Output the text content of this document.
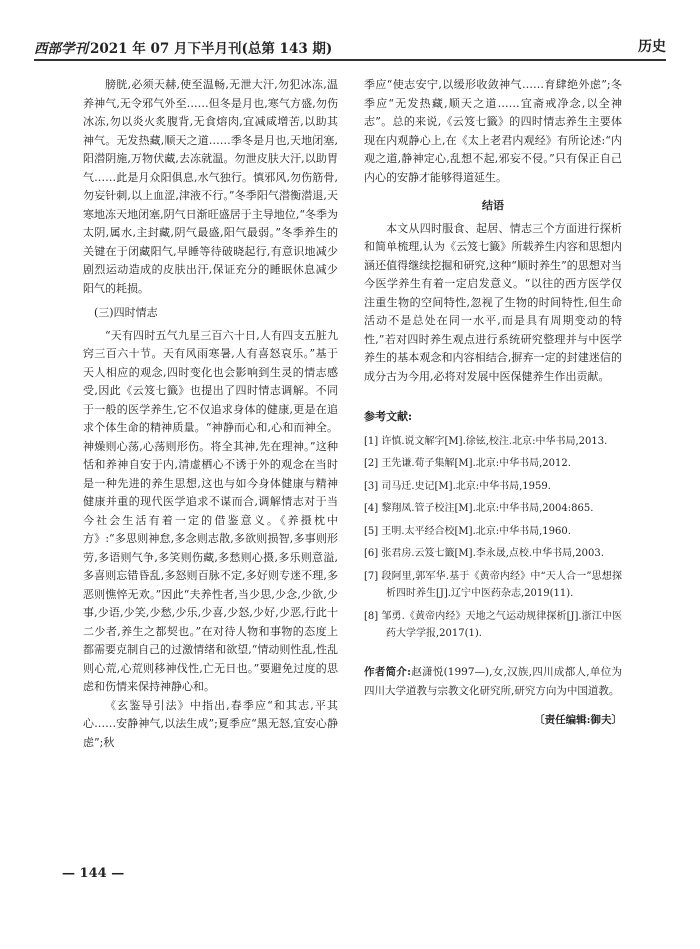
西部学刊 2021 年 07 月下半月刊(总第 143 期)	历史

膀胱,必须天赫,使至温畅,无泄大汗,勿犯冰冻,温养神气,无令邪气外至……但冬是月也,寒气方盛,勿伤冰冻,勿以炎火炙腹背,无食熔肉,宜减咸增苦,以助其神气。无发热藏,顺天之道……季冬是月也,天地闭塞,阳潜阴施,万物伏藏,去冻就温。勿泄皮肤大汗,以助胃气……此是月众阳俱息,水气独行。慎邪风,勿伤筋骨,勿妄针刺,以上血涩,津液不行。”冬季阳气潜衡潜退,天寒地冻天地闭塞,阴气日渐旺盛居于主导地位,“冬季为太阴,属水,主封藏,阴气最盛,阳气最弱。”冬季养生的关键在于闭藏阳气,早睡等待破晓起行,有意识地减少剧烈运动造成的皮肤出汗,保证充分的睡眠休息减少阳气的耗损。

(三)四时情志

“天有四时五气九星三百六十日,人有四支五脏九窍三百六十节。天有风雨寒暑,人有喜怒哀乐。”基于天人相应的观念,四时变化也会影响到生灵的情志感受,因此《云笈七籤》也提出了四时情志调解。不同于一般的医学养生,它不仅追求身体的健康,更是在追求个体生命的精神质量。“神静而心和,心和而神全。神燥则心荡,心荡则形伤。将全其神,先在理神。”这种恬和养神自安于内,清虚栖心不诱于外的观念在当时是一种先进的养生思想,这也与如今身体健康与精神健康并重的现代医学追求不谋而合,调解情志对于当今社会生活有着一定的借鉴意义。《养摄枕中方》:“多思则神怠,多念则志散,多欲则损智,多事则形劳,多语则气争,多笑则伤藏,多愁则心摄,多乐则意溢,多喜则忘错昏乱,多怒则百脉不定,多好则专迷不理,多恶则憔悴无欢。”因此“夫养性者,当少思,少念,少欲,少事,少语,少笑,少愁,少乐,少喜,少怒,少好,少恶,行此十二少者,养生之都契也。”在对待人物和事物的态度上都需要克制自己的过激情绪和欲望,“情动则性乱,性乱则心荒,心荒则移神伐性,亡无日也。”要避免过度的思虑和伤情来保持神静心和。

《玄鉴导引法》中指出,春季应“和其志,平其心……安静神气,以法生成”;夏季应“黑无怒,宜安心静虑”;秋

季应“使志安宁,以缓形收敛神气……育肆绝外虑”;冬季应“无发热藏,顺天之道……宜斋戒净念,以全神志”。总的来说,《云笈七籤》的四时情志养生主要体现在内观静心上,在《太上老君内观经》有所论述:“内观之道,静神定心,乱想不起,邪妄不侵。”只有保正自己内心的安静才能够得道延生。

结语

本文从四时服食、起居、情志三个方面进行探析和简单梳理,认为《云笈七籤》所载养生内容和思想内涵还值得继续挖掘和研究,这种“顺时养生”的思想对当今医学养生有着一定启发意义。“以往的西方医学仅注重生物的空间特性,忽视了生物的时间特性,但生命活动不是总处在同一水平,而是具有周期变动的特性,”若对四时养生观点进行系统研究整理并与中医学养生的基本观念和内容相结合,摒弃一定的封建迷信的成分古为今用,必将对发展中医保健养生作出贡献。

参考文献:

[1] 许慎.说文解字[M].徐铉,校注.北京:中华书局,2013.
[2] 王先谦.荀子集解[M].北京:中华书局,2012.
[3] 司马迁.史记[M].北京:中华书局,1959.
[4] 黎翔凤.管子校注[M].北京:中华书局,2004:865.
[5] 王明.太平经合校[M].北京:中华书局,1960.
[6] 张君房.云笈七籤[M].李永晟,点校.中华书局,2003.
[7] 段阿里,郭军华.基于《黄帝内经》中“天人合一”思想探析四时养生[J].辽宁中医药杂志,2019(11).
[8] 邹勇.《黄帝内经》天地之气运动规律探析[J].浙江中医药大学学报,2017(1).
作者简介:赵潇悦(1997—),女,汉族,四川成都人,单位为四川大学道教与宗教文化研究所,研究方向为中国道教。
〔责任编辑:御夫〕
— 144 —
